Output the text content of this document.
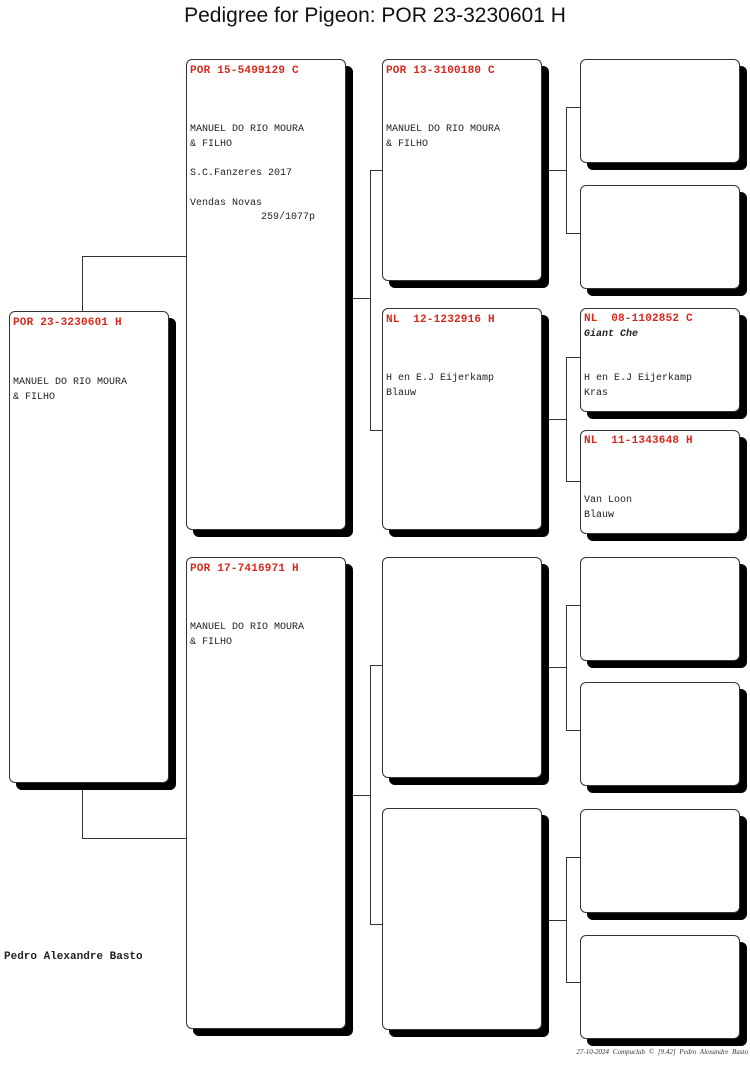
Pedigree for Pigeon: POR 23-3230601 H
POR 23-3230601 H
MANUEL DO RIO MOURA
& FILHO
POR 15-5499129 C
MANUEL DO RIO MOURA
& FILHO
S.C.Fanzeres 2017
Vendas Novas
259/1077p
POR 17-7416971 H
MANUEL DO RIO MOURA
& FILHO
POR 13-3100180 C
MANUEL DO RIO MOURA
& FILHO
NL  12-1232916 H
H en E.J Eijerkamp
Blauw
NL  08-1102852 C
Giant Che
H en E.J Eijerkamp
Kras
NL  11-1343648 H
Van Loon
Blauw
Pedro Alexandre Basto
27-10-2024 Compuclub © [9.42] Pedro Alexandre Basto
